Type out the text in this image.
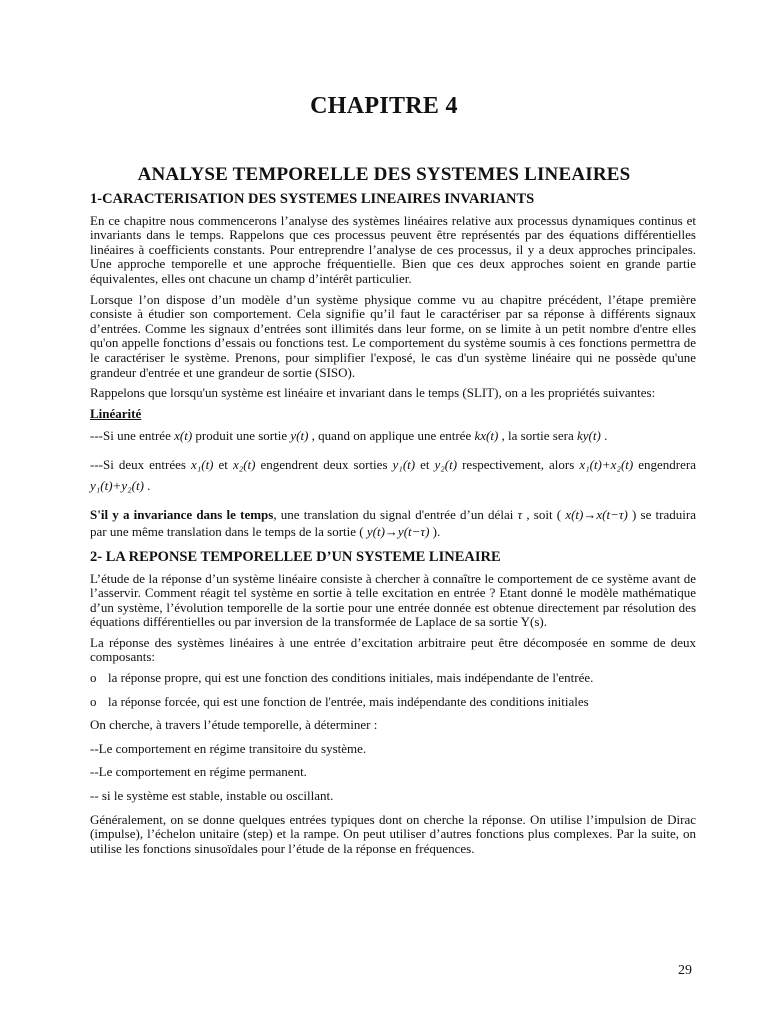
CHAPITRE 4
ANALYSE TEMPORELLE DES SYSTEMES LINEAIRES
1-CARACTERISATION DES SYSTEMES LINEAIRES INVARIANTS
En ce chapitre nous commencerons l’analyse des systèmes linéaires relative aux processus dynamiques continus et invariants dans le temps. Rappelons que ces processus peuvent être représentés par des équations différentielles linéaires à coefficients constants. Pour entreprendre l’analyse de ces processus, il y a deux approches principales. Une approche temporelle et une approche fréquentielle. Bien que ces deux approches soient en grande partie équivalentes, elles ont chacune un champ d’intérêt particulier.
Lorsque l’on dispose d’un modèle d’un système physique comme vu au chapitre précédent, l’étape première consiste à étudier son comportement. Cela signifie qu’il faut le caractériser par sa réponse à différents signaux d’entrées. Comme les signaux d’entrées sont illimités dans leur forme, on se limite à un petit nombre d'entre elles qu'on appelle fonctions d’essais ou fonctions test. Le comportement du système soumis à ces fonctions permettra de le caractériser le système. Prenons, pour simplifier l'exposé, le cas d'un système linéaire qui ne possède qu'une grandeur d'entrée et une grandeur de sortie (SISO).
Rappelons que lorsqu'un système est linéaire et invariant dans le temps (SLIT), on a les propriétés suivantes:
Linéarité
---Si une entrée x(t) produit une sortie y(t) , quand on applique une entrée kx(t) , la sortie sera ky(t) .
---Si deux entrées x₁(t) et x₂(t) engendrent deux sorties y₁(t) et y₂(t) respectivement, alors x₁(t)+x₂(t) engendrera y₁(t)+y₂(t) .
S'il y a invariance dans le temps, une translation du signal d'entrée d’un délai τ , soit ( x(t)→x(t−τ) ) se traduira par une même translation dans le temps de la sortie ( y(t)→y(t−τ) ).
2- LA REPONSE TEMPORELLEE D’UN SYSTEME LINEAIRE
L’étude de la réponse d’un système linéaire consiste à chercher à connaître le comportement de ce système avant de l’asservir. Comment réagit tel système en sortie à telle excitation en entrée ? Etant donné le modèle mathématique d’un système, l’évolution temporelle de la sortie pour une entrée donnée est obtenue directement par résolution des équations différentielles ou par inversion de la transformée de Laplace de sa sortie Y(s).
La réponse des systèmes linéaires à une entrée d’excitation arbitraire peut être décomposée en somme de deux composants:
o la réponse propre, qui est une fonction des conditions initiales, mais indépendante de l'entrée.
o la réponse forcée, qui est une fonction de l'entrée, mais indépendante des conditions initiales
On cherche, à travers l’étude temporelle, à déterminer :
--Le comportement en régime transitoire du système.
--Le comportement en régime permanent.
-- si le système est stable, instable ou oscillant.
Généralement, on se donne quelques entrées typiques dont on cherche la réponse. On utilise l’impulsion de Dirac (impulse), l’échelon unitaire (step) et la rampe. On peut utiliser d’autres fonctions plus complexes. Par la suite, on utilise les fonctions sinusoïdales pour l’étude de la réponse en fréquences.
29
